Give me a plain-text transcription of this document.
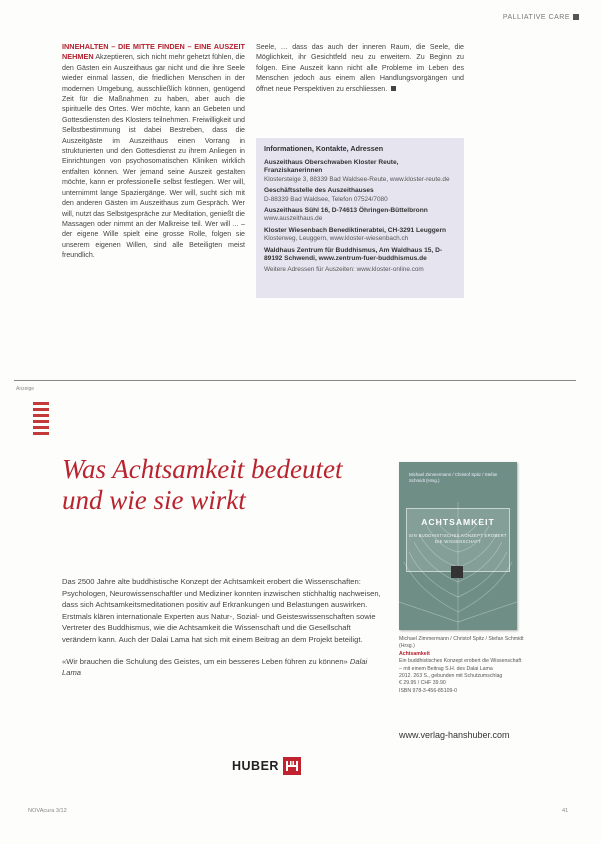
PALLIATIVE CARE
INNEHALTEN – DIE MITTE FINDEN – EINE AUSZEIT NEHMEN Akzeptieren, sich nicht mehr gehetzt fühlen, die den Gästen ein Auszeithaus gar nicht und die ihre Seele wieder einmal lassen, die friedlichen Menschen in der modernen Umgebung, ausschließlich können, genügend Zeit für die Maßnahmen zu haben, aber auch die spirituelle des Ortes. Wer möchte, kann an Gebeten und Gottesdiensten des Klosters teilnehmen. Freiwilligkeit und Selbstbestimmung ist dabei Bestreben, dass die Auszeitgäste im Auszeithaus einen Vorrang in strukturierten und den Gottesdienst zu ihrem Anliegen in Einrichtungen von psychosomatischen Kliniken wirklich entfalten können. Wer jemand seine Auszeit gestalten möchte, kann er professionelle selbst festlegen. Wer will, unternimmt lange Spaziergänge. Wer will, sucht sich mit den anderen Gästen im Auszeithaus zum Gespräch. Wer will, nutzt das Selbstgespräche zur Meditation, genießt die Massagen oder nimmt an der Malkreise teil. Wer will ... – der eigene Wille spielt eine grosse Rolle, folgen sie unserem eigenen Willen, sind alle Beteiligten meist freundlich.
Seele, … dass das auch der inneren Raum, die Seele, die Möglichkeit, ihr Gesichtfeld neu zu erweitern. Zu Beginn zu folgen. Eine Auszeit kann nicht alle Probleme im Leben des Menschen jedoch aus einem allen Handlungsvorgängen und öffnet neue Perspektiven zu erschliessen.
Informationen, Kontakte, Adressen
Auszeithaus Oberschwaben Kloster Reute, Franziskanerinnen
Klostersteige 3, 88339 Bad Waldsee-Reute, www.kloster-reute.de
Geschäftsstelle des Auszeithauses
D-88339 Bad Waldsee, Telefon 07524/7080
Auszeithaus Sühl 16, D-74613 Öhringen-Büttelbronn
www.auszeithaus.de
Kloster Wiesenbach Benediktinerabtei, CH-3291 Leuggern
Klosterweg, Leuggern, www.kloster-wiesenbach.ch
Waldhaus Zentrum für Buddhismus, Am Waldhaus 15, D-89192 Schwendi, www.zentrum-fuer-buddhismus.de
Weitere Adressen für Auszeiten: www.kloster-online.com
Anzeige
Was Achtsamkeit bedeutet
und wie sie wirkt

Das 2500 Jahre alte buddhistische Konzept der Achtsamkeit erobert die Wissenschaften: Psychologen, Neurowissenschaftler und Mediziner konnten inzwischen stichhaltig nachweisen, dass sich Achtsamkeitsmeditationen positiv auf Erkrankungen und Belastungen auswirken. Erstmals klären internationale Experten aus Natur-, Sozial- und Geisteswissenschaften sowie Vertreter des Buddhismus, wie die Achtsamkeit die Wissenschaft und die Gesellschaft verändern kann. Auch der Dalai Lama hat sich mit einem Beitrag an dem Projekt beteiligt.

«Wir brauchen die Schulung des Geistes, um ein besseres Leben führen zu können» Dalai Lama

Michael Zimmermann / Christof Spitz / Stefan Schmidt (Hrsg.)
ACHTSAMKEIT
EIN BUDDHISTISCHES KONZEPT EROBERT DIE WISSENSCHAFT
Michael Zimmermann / Christof Spitz / Stefan Schmidt (Hrsg.)
Achtsamkeit
Ein buddhistisches Konzept erobert die Wissenschaft
– mit einem Beitrag S.H. des Dalai Lama
2012. 263 S., gebunden mit Schutzumschlag
€ 29.95 / CHF 39.90
ISBN 978-3-456-85109-0
www.verlag-hanshuber.com
HUBER
NOVAcura 3/12	41
